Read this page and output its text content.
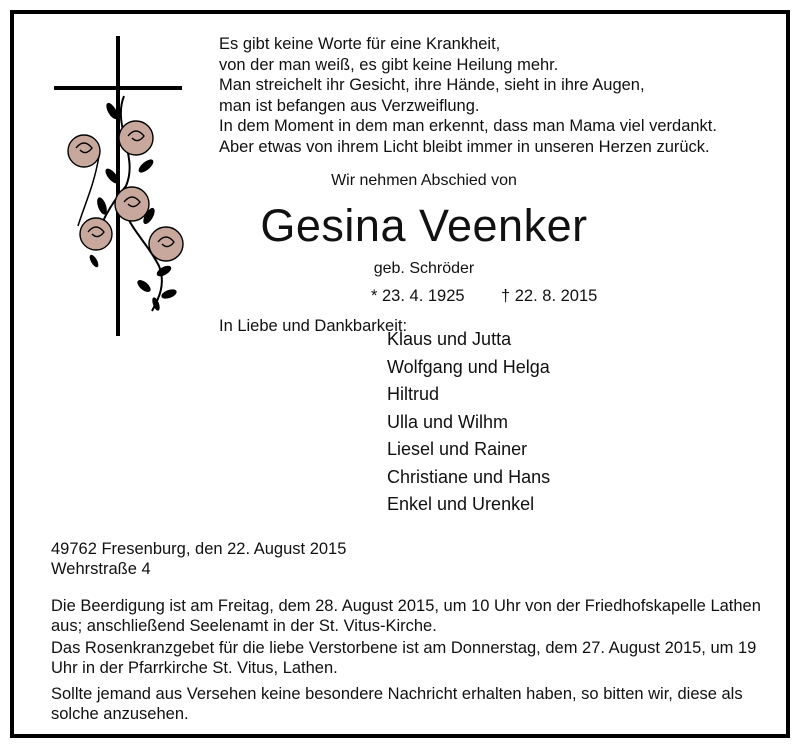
Es gibt keine Worte für eine Krankheit,
von der man weiß, es gibt keine Heilung mehr.
Man streichelt ihr Gesicht, ihre Hände, sieht in ihre Augen,
man ist befangen aus Verzweiflung.
In dem Moment in dem man erkennt, dass man Mama viel verdankt.
Aber etwas von ihrem Licht bleibt immer in unseren Herzen zurück.
Wir nehmen Abschied von
Gesina Veenker
geb. Schröder
* 23. 4. 1925 † 22. 8. 2015
In Liebe und Dankbarkeit:
Klaus und Jutta
Wolfgang und Helga
Hiltrud
Ulla und Wilhm
Liesel und Rainer
Christiane und Hans
Enkel und Urenkel
49762 Fresenburg, den 22. August 2015
Wehrstraße 4
Die Beerdigung ist am Freitag, dem 28. August 2015, um 10 Uhr von der Friedhofskapelle Lathen aus; anschließend Seelenamt in der St. Vitus-Kirche.
Das Rosenkranzgebet für die liebe Verstorbene ist am Donnerstag, dem 27. August 2015, um 19 Uhr in der Pfarrkirche St. Vitus, Lathen.
Sollte jemand aus Versehen keine besondere Nachricht erhalten haben, so bitten wir, diese als solche anzusehen.
